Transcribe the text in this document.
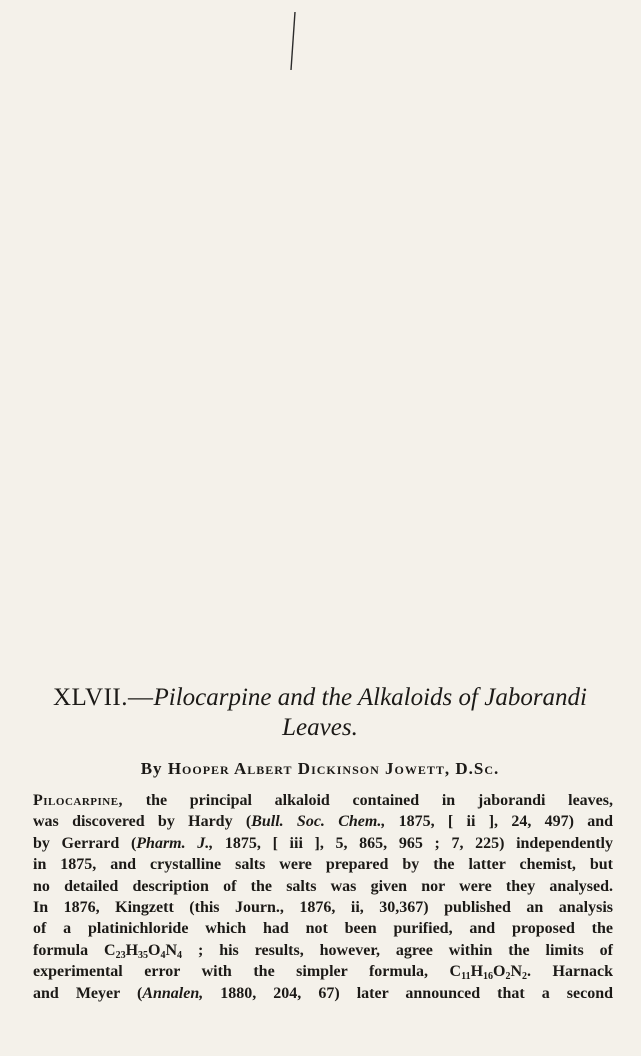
XLVII.—Pilocarpine and the Alkaloids of Jaborandi
Leaves.

By Hooper Albert Dickinson Jowett, D.Sc.

Pilocarpine, the principal alkaloid contained in jaborandi leaves,
was discovered by Hardy (Bull. Soc. Chem., 1875, [ ii ], 24, 497) and
by Gerrard (Pharm. J., 1875, [ iii ], 5, 865, 965 ; 7, 225) independently
in 1875, and crystalline salts were prepared by the latter chemist, but
no detailed description of the salts was given nor were they analysed.
In 1876, Kingzett (this Journ., 1876, ii, 30,367) published an analysis
of a platinichloride which had not been purified, and proposed the
formula $C_{23}H_{35}O_4N_4$ ; his results, however, agree within the limits of
experimental error with the simpler formula, $C_{11}H_{16}O_2N_2$. Harnack
and Meyer (Annalen, 1880, 204, 67) later announced that a second
